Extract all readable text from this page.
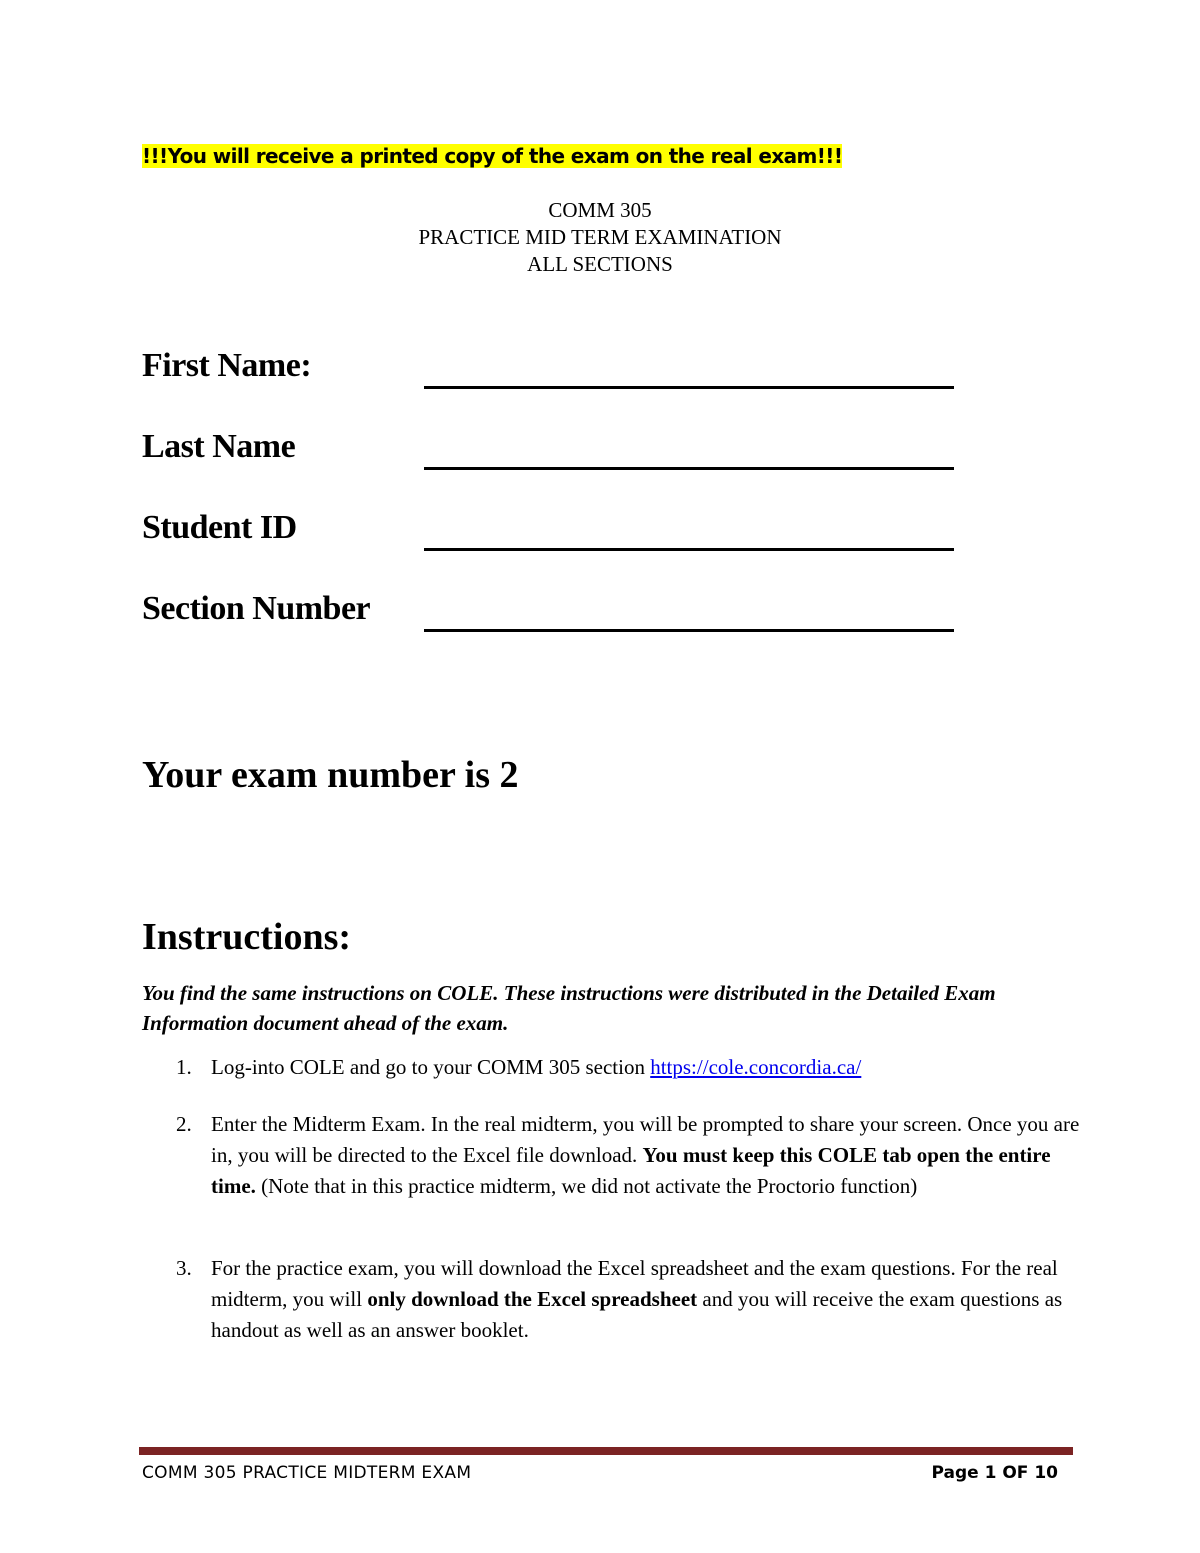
!!!You will receive a printed copy of the exam on the real exam!!!
COMM 305
PRACTICE MID TERM EXAMINATION
ALL SECTIONS
First Name:
Last Name
Student ID
Section Number
Your exam number is 2
Instructions:
You find the same instructions on COLE. These instructions were distributed in the Detailed Exam Information document ahead of the exam.
1. Log-into COLE and go to your COMM 305 section https://cole.concordia.ca/
2. Enter the Midterm Exam. In the real midterm, you will be prompted to share your screen. Once you are in, you will be directed to the Excel file download. You must keep this COLE tab open the entire time. (Note that in this practice midterm, we did not activate the Proctorio function)
3. For the practice exam, you will download the Excel spreadsheet and the exam questions. For the real midterm, you will only download the Excel spreadsheet and you will receive the exam questions as handout as well as an answer booklet.
COMM 305 PRACTICE MIDTERM EXAM	Page 1 OF 10
